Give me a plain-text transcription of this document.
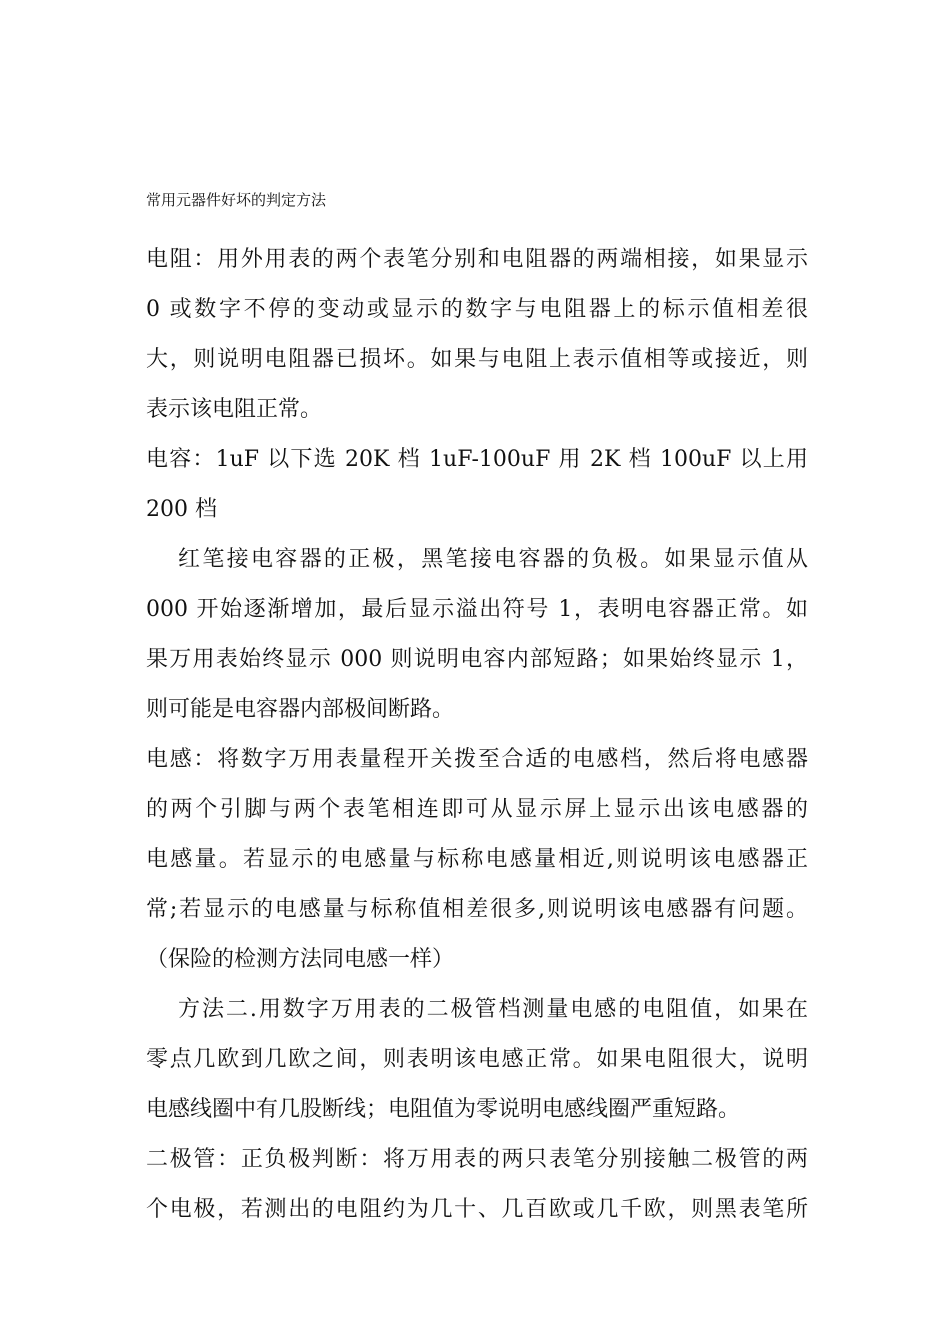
常用元器件好坏的判定方法
电阻：用外用表的两个表笔分别和电阻器的两端相接，如果显示
0 或数字不停的变动或显示的数字与电阻器上的标示值相差很
大，则说明电阻器已损坏。如果与电阻上表示值相等或接近，则
表示该电阻正常。
电容：1uF 以下选 20K 档 1uF-100uF 用 2K 档 100uF 以上用
200 档
红笔接电容器的正极，黑笔接电容器的负极。如果显示值从
000 开始逐渐增加，最后显示溢出符号 1，表明电容器正常。如
果万用表始终显示 000 则说明电容内部短路；如果始终显示 1，
则可能是电容器内部极间断路。
电感：将数字万用表量程开关拨至合适的电感档，然后将电感器
的两个引脚与两个表笔相连即可从显示屏上显示出该电感器的
电感量。若显示的电感量与标称电感量相近,则说明该电感器正
常;若显示的电感量与标称值相差很多,则说明该电感器有问题。
（保险的检测方法同电感一样）
方法二.用数字万用表的二极管档测量电感的电阻值，如果在
零点几欧到几欧之间，则表明该电感正常。如果电阻很大，说明
电感线圈中有几股断线；电阻值为零说明电感线圈严重短路。
二极管：正负极判断：将万用表的两只表笔分别接触二极管的两
个电极，若测出的电阻约为几十、几百欧或几千欧，则黑表笔所
